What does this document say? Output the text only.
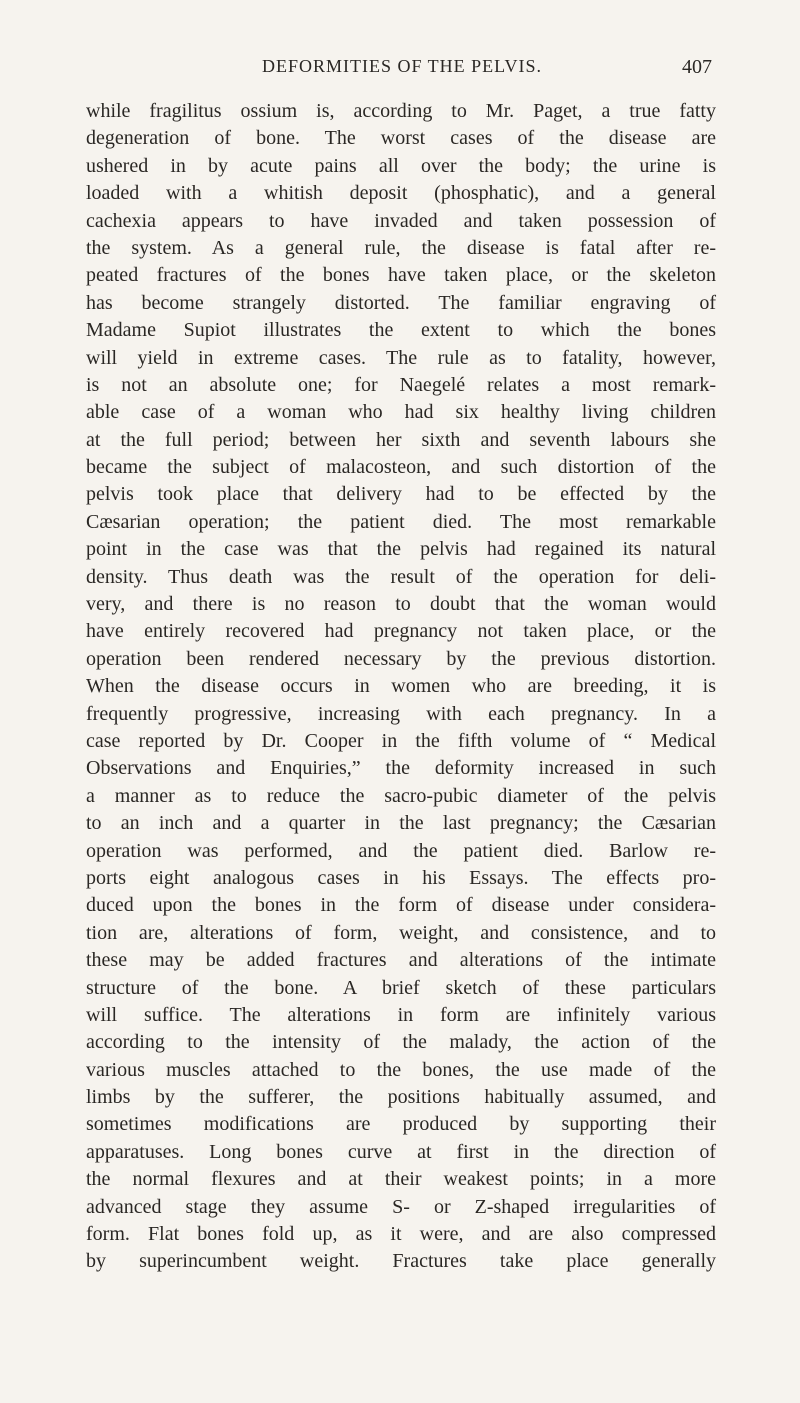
DEFORMITIES OF THE PELVIS.	407
while fragilitus ossium is, according to Mr. Paget, a true fatty
degeneration of bone. The worst cases of the disease are
ushered in by acute pains all over the body; the urine is
loaded with a whitish deposit (phosphatic), and a general
cachexia appears to have invaded and taken possession of
the system. As a general rule, the disease is fatal after re-
peated fractures of the bones have taken place, or the skeleton
has become strangely distorted. The familiar engraving of
Madame Supiot illustrates the extent to which the bones
will yield in extreme cases. The rule as to fatality, however,
is not an absolute one; for Naegelé relates a most remark-
able case of a woman who had six healthy living children
at the full period; between her sixth and seventh labours she
became the subject of malacosteon, and such distortion of the
pelvis took place that delivery had to be effected by the
Cæsarian operation; the patient died. The most remarkable
point in the case was that the pelvis had regained its natural
density. Thus death was the result of the operation for deli-
very, and there is no reason to doubt that the woman would
have entirely recovered had pregnancy not taken place, or the
operation been rendered necessary by the previous distortion.
When the disease occurs in women who are breeding, it is
frequently progressive, increasing with each pregnancy. In a
case reported by Dr. Cooper in the fifth volume of “ Medical
Observations and Enquiries,” the deformity increased in such
a manner as to reduce the sacro-pubic diameter of the pelvis
to an inch and a quarter in the last pregnancy; the Cæsarian
operation was performed, and the patient died. Barlow re-
ports eight analogous cases in his Essays. The effects pro-
duced upon the bones in the form of disease under considera-
tion are, alterations of form, weight, and consistence, and to
these may be added fractures and alterations of the intimate
structure of the bone. A brief sketch of these particulars
will suffice. The alterations in form are infinitely various
according to the intensity of the malady, the action of the
various muscles attached to the bones, the use made of the
limbs by the sufferer, the positions habitually assumed, and
sometimes modifications are produced by supporting their
apparatuses. Long bones curve at first in the direction of
the normal flexures and at their weakest points; in a more
advanced stage they assume S- or Z-shaped irregularities of
form. Flat bones fold up, as it were, and are also compressed
by superincumbent weight. Fractures take place generally
